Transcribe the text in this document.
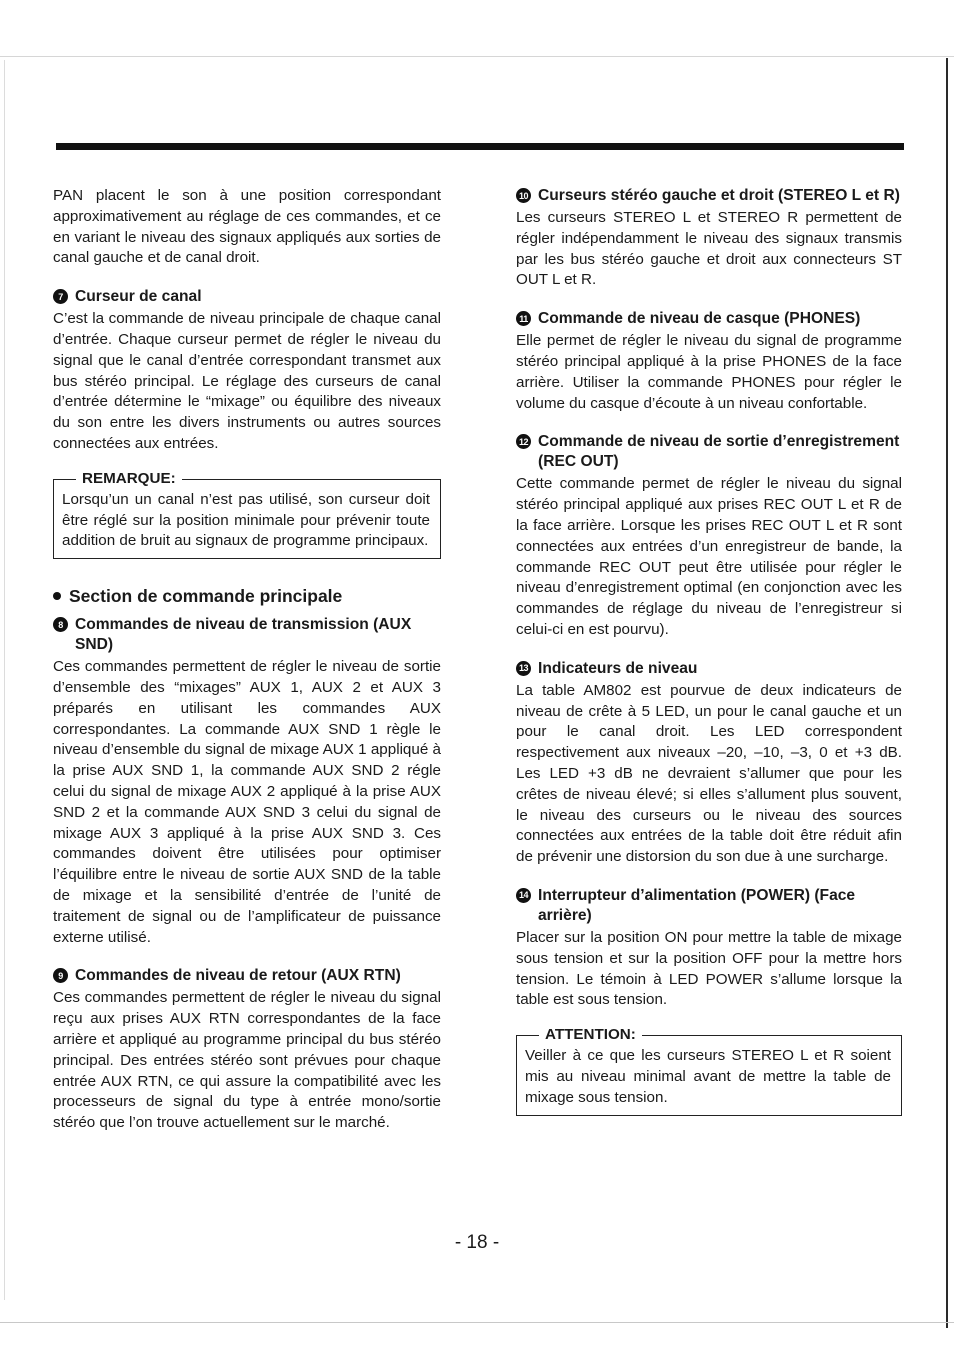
PAN placent le son à une position correspondant approximativement au réglage de ces commandes, et ce en variant le niveau des signaux appliqués aux sorties de canal gauche et de canal droit.

7 Curseur de canal

C’est la commande de niveau principale de chaque canal d’entrée. Chaque curseur permet de régler le niveau du signal que le canal d’entrée correspondant transmet aux bus stéréo principal. Le réglage des curseurs de canal d’entrée détermine le “mixage” ou équilibre des niveaux du son entre les divers instruments ou autres sources connectées aux entrées.

REMARQUE:

Lorsqu’un un canal n’est pas utilisé, son curseur doit être réglé sur la position minimale pour prévenir toute addition de bruit au signaux de programme principaux.

Section de commande principale
8 Commandes de niveau de transmission (AUX SND)

Ces commandes permettent de régler le niveau de sortie d’ensemble des “mixages” AUX 1, AUX 2 et AUX 3 préparés en utilisant les commandes AUX correspondantes. La commande AUX SND 1 règle le niveau d’ensemble du signal de mixage AUX 1 appliqué à la prise AUX SND 1, la commande AUX SND 2 régle celui du signal de mixage AUX 2 appliqué à la prise AUX SND 2 et la commande AUX SND 3 celui du signal de mixage AUX 3 appliqué à la prise AUX SND 3. Ces commandes doivent être utilisées pour optimiser l’équilibre entre le niveau de sortie AUX SND de la table de mixage et la sensibilité d’entrée de l’unité de traitement de signal ou de l’amplificateur de puissance externe utilisé.

9 Commandes de niveau de retour (AUX RTN)

Ces commandes permettent de régler le niveau du signal reçu aux prises AUX RTN correspondantes de la face arrière et appliqué au programme principal du bus stéréo principal. Des entrées stéréo sont prévues pour chaque entrée AUX RTN, ce qui assure la compatibilité avec les processeurs de signal du type à entrée mono/sortie stéréo que l’on trouve actuellement sur le marché.

10 Curseurs stéréo gauche et droit (STEREO L et R)

Les curseurs STEREO L et STEREO R permettent de régler indépendamment le niveau des signaux transmis par les bus stéréo gauche et droit aux connecteurs ST OUT L et R.

11 Commande de niveau de casque (PHONES)

Elle permet de régler le niveau du signal de programme stéréo principal appliqué à la prise PHONES de la face arrière. Utiliser la commande PHONES pour régler le volume du casque d’écoute à un niveau confortable.

12 Commande de niveau de sortie d’enregistrement (REC OUT)

Cette commande permet de régler le niveau du signal stéréo principal appliqué aux prises REC OUT L et R de la face arrière. Lorsque les prises REC OUT L et R sont connectées aux entrées d’un enregistreur de bande, la commande REC OUT peut être utilisée pour régler le niveau d’enregistrement optimal (en conjonction avec les commandes de réglage du niveau de l’enregistreur si celui-ci en est pourvu).

13 Indicateurs de niveau

La table AM802 est pourvue de deux indicateurs de niveau de crête à 5 LED, un pour le canal gauche et un pour le canal droit. Les LED correspondent respectivement aux niveaux –20, –10, –3, 0 et +3 dB. Les LED +3 dB ne devraient s’allumer que pour les crêtes de niveau élevé; si elles s’allument plus souvent, le niveau des curseurs ou le niveau des sources connectées aux entrées de la table doit être réduit afin de prévenir une distorsion du son due à une surcharge.

14 Interrupteur d’alimentation (POWER) (Face arrière)

Placer sur la position ON pour mettre la table de mixage sous tension et sur la position OFF pour la mettre hors tension. Le témoin à LED POWER s’allume lorsque la table est sous tension.

ATTENTION:

Veiller à ce que les curseurs STEREO L et R soient mis au niveau minimal avant de mettre la table de mixage sous tension.

- 18 -
